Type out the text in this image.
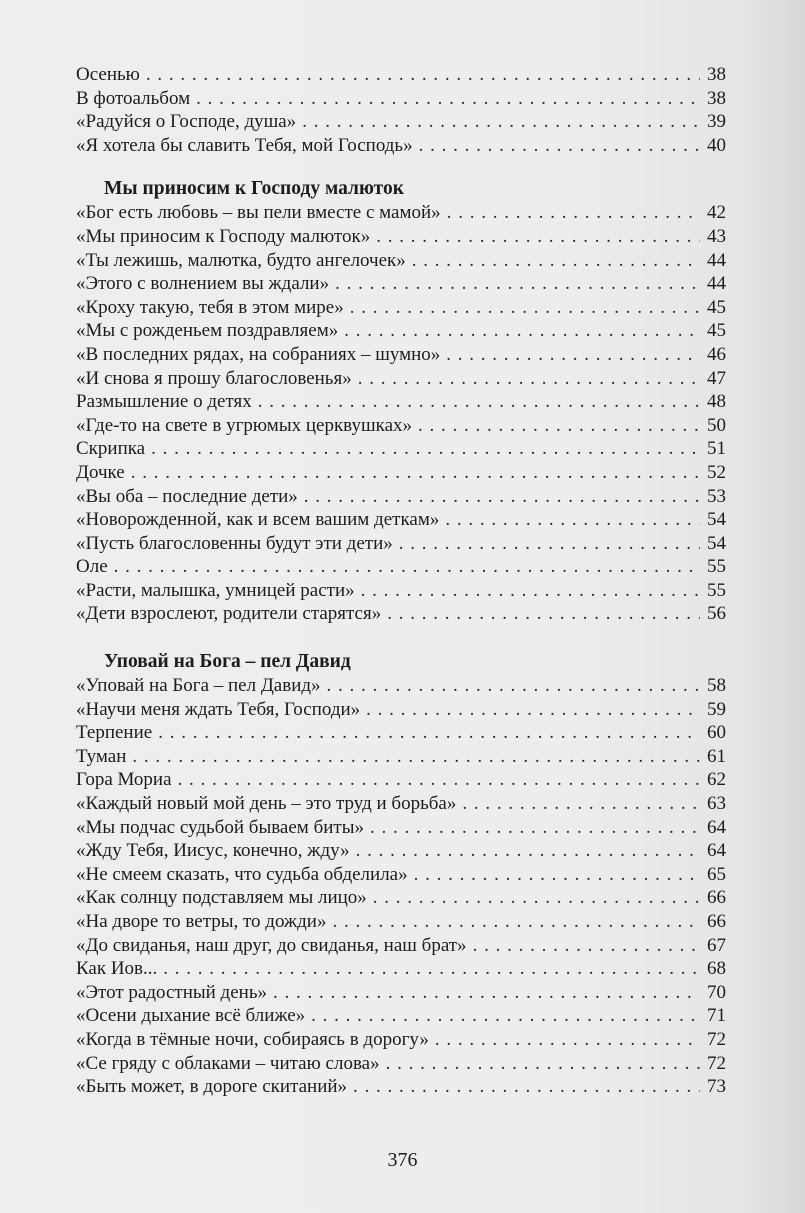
Осенью . . .	38
В фотоальбом . . .	38
«Радуйся о Господе, душа» . . .	39
«Я хотела бы славить Тебя, мой Господь» . . .	40
Мы приносим к Господу малюток
«Бог есть любовь – вы пели вместе с мамой» . . .	42
«Мы приносим к Господу малюток» . . .	43
«Ты лежишь, малютка, будто ангелочек» . . .	44
«Этого с волнением вы ждали» . . .	44
«Кроху такую, тебя в этом мире» . . .	45
«Мы с рожденьем поздравляем» . . .	45
«В последних рядах, на собраниях – шумно» . . .	46
«И снова я прошу благословенья» . . .	47
Размышление о детях . . .	48
«Где-то на свете в угрюмых церквушках» . . .	50
Скрипка . . .	51
Дочке . . .	52
«Вы оба – последние дети» . . .	53
«Новорожденной, как и всем вашим деткам» . . .	54
«Пусть благословенны будут эти дети» . . .	54
Оле . . .	55
«Расти, малышка, умницей расти» . . .	55
«Дети взрослеют, родители старятся» . . .	56
Уповай на Бога – пел Давид
«Уповай на Бога – пел Давид» . . .	58
«Научи меня ждать Тебя, Господи» . . .	59
Терпение . . .	60
Туман . . .	61
Гора Мориа . . .	62
«Каждый новый мой день – это труд и борьба» . . .	63
«Мы подчас судьбой бываем биты» . . .	64
«Жду Тебя, Иисус, конечно, жду» . . .	64
«Не смеем сказать, что судьба обделила» . . .	65
«Как солнцу подставляем мы лицо» . . .	66
«На дворе то ветры, то дожди» . . .	66
«До свиданья, наш друг, до свиданья, наш брат» . . .	67
Как Иов... . . .	68
«Этот радостный день» . . .	70
«Осени дыхание всё ближе» . . .	71
«Когда в тёмные ночи, собираясь в дорогу» . . .	72
«Се гряду с облаками – читаю слова» . . .	72
«Быть может, в дороге скитаний» . . .	73
376
